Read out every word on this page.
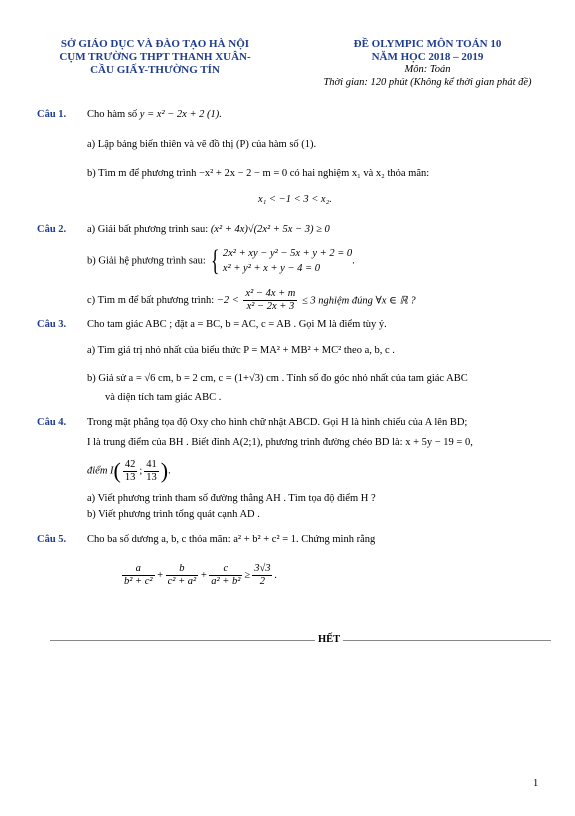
SỞ GIÁO DỤC VÀ ĐÀO TẠO HÀ NỘI
CỤM TRƯỜNG THPT THANH XUÂN-
CẦU GIẤY-THƯỜNG TÍN
ĐỀ OLYMPIC MÔN TOÁN 10
NĂM HỌC 2018 – 2019
Môn: Toán
Thời gian: 120 phút (Không kể thời gian phát đề)
Câu 1. Cho hàm số y = x² − 2x + 2 (1).
a) Lập bảng biến thiên và vẽ đồ thị (P) của hàm số (1).
b) Tìm m để phương trình −x² + 2x − 2 − m = 0 có hai nghiệm x₁ và x₂ thỏa mãn:
x₁ < −1 < 3 < x₂.
Câu 2. a) Giải bất phương trình sau: (x² + 4x)√(2x² + 5x − 3) ≥ 0
b) Giải hệ phương trình sau: { 2x² + xy − y² − 5x + y + 2 = 0
x² + y² + x + y − 4 = 0
.
c) Tìm m để bất phương trình: $-2 < \frac{\text{x² − 4x + m}}{\text{x² − 2x + 3}} \le 3$ nghiệm đúng ∀x ∈ ℝ ?
Câu 3. Cho tam giác ABC ; đặt a = BC, b = AC, c = AB . Gọi M là điểm tùy ý.
a) Tìm giá trị nhỏ nhất của biểu thức P = MA² + MB² + MC² theo a, b, c .
b) Giả sử a = √6 cm, b = 2 cm, c = (1+√3) cm . Tính số đo góc nhỏ nhất của tam giác ABC
và diện tích tam giác ABC .
Câu 4. Trong mặt phẳng tọa độ Oxy cho hình chữ nhật ABCD. Gọi H là hình chiếu của A lên BD;
I là trung điểm của BH . Biết đỉnh A(2;1), phương trình đường chéo BD là: x + 5y − 19 = 0,
điểm $I( \frac{42}{13}$ ; $\frac{41}{13}$ ).
a) Viết phương trình tham số đường thẳng AH . Tìm tọa độ điểm H ?
b) Viết phương trình tổng quát cạnh AD .
Câu 5. Cho ba số dương a, b, c thỏa mãn: a² + b² + c² = 1. Chứng minh rằng
$\frac{a}{\text{b² + c²}} + \frac{b}{\text{c² + a²}} + \frac{c}{\text{a² + b²}} \ge \frac{3√3}{2}$ .
HẾT
1
